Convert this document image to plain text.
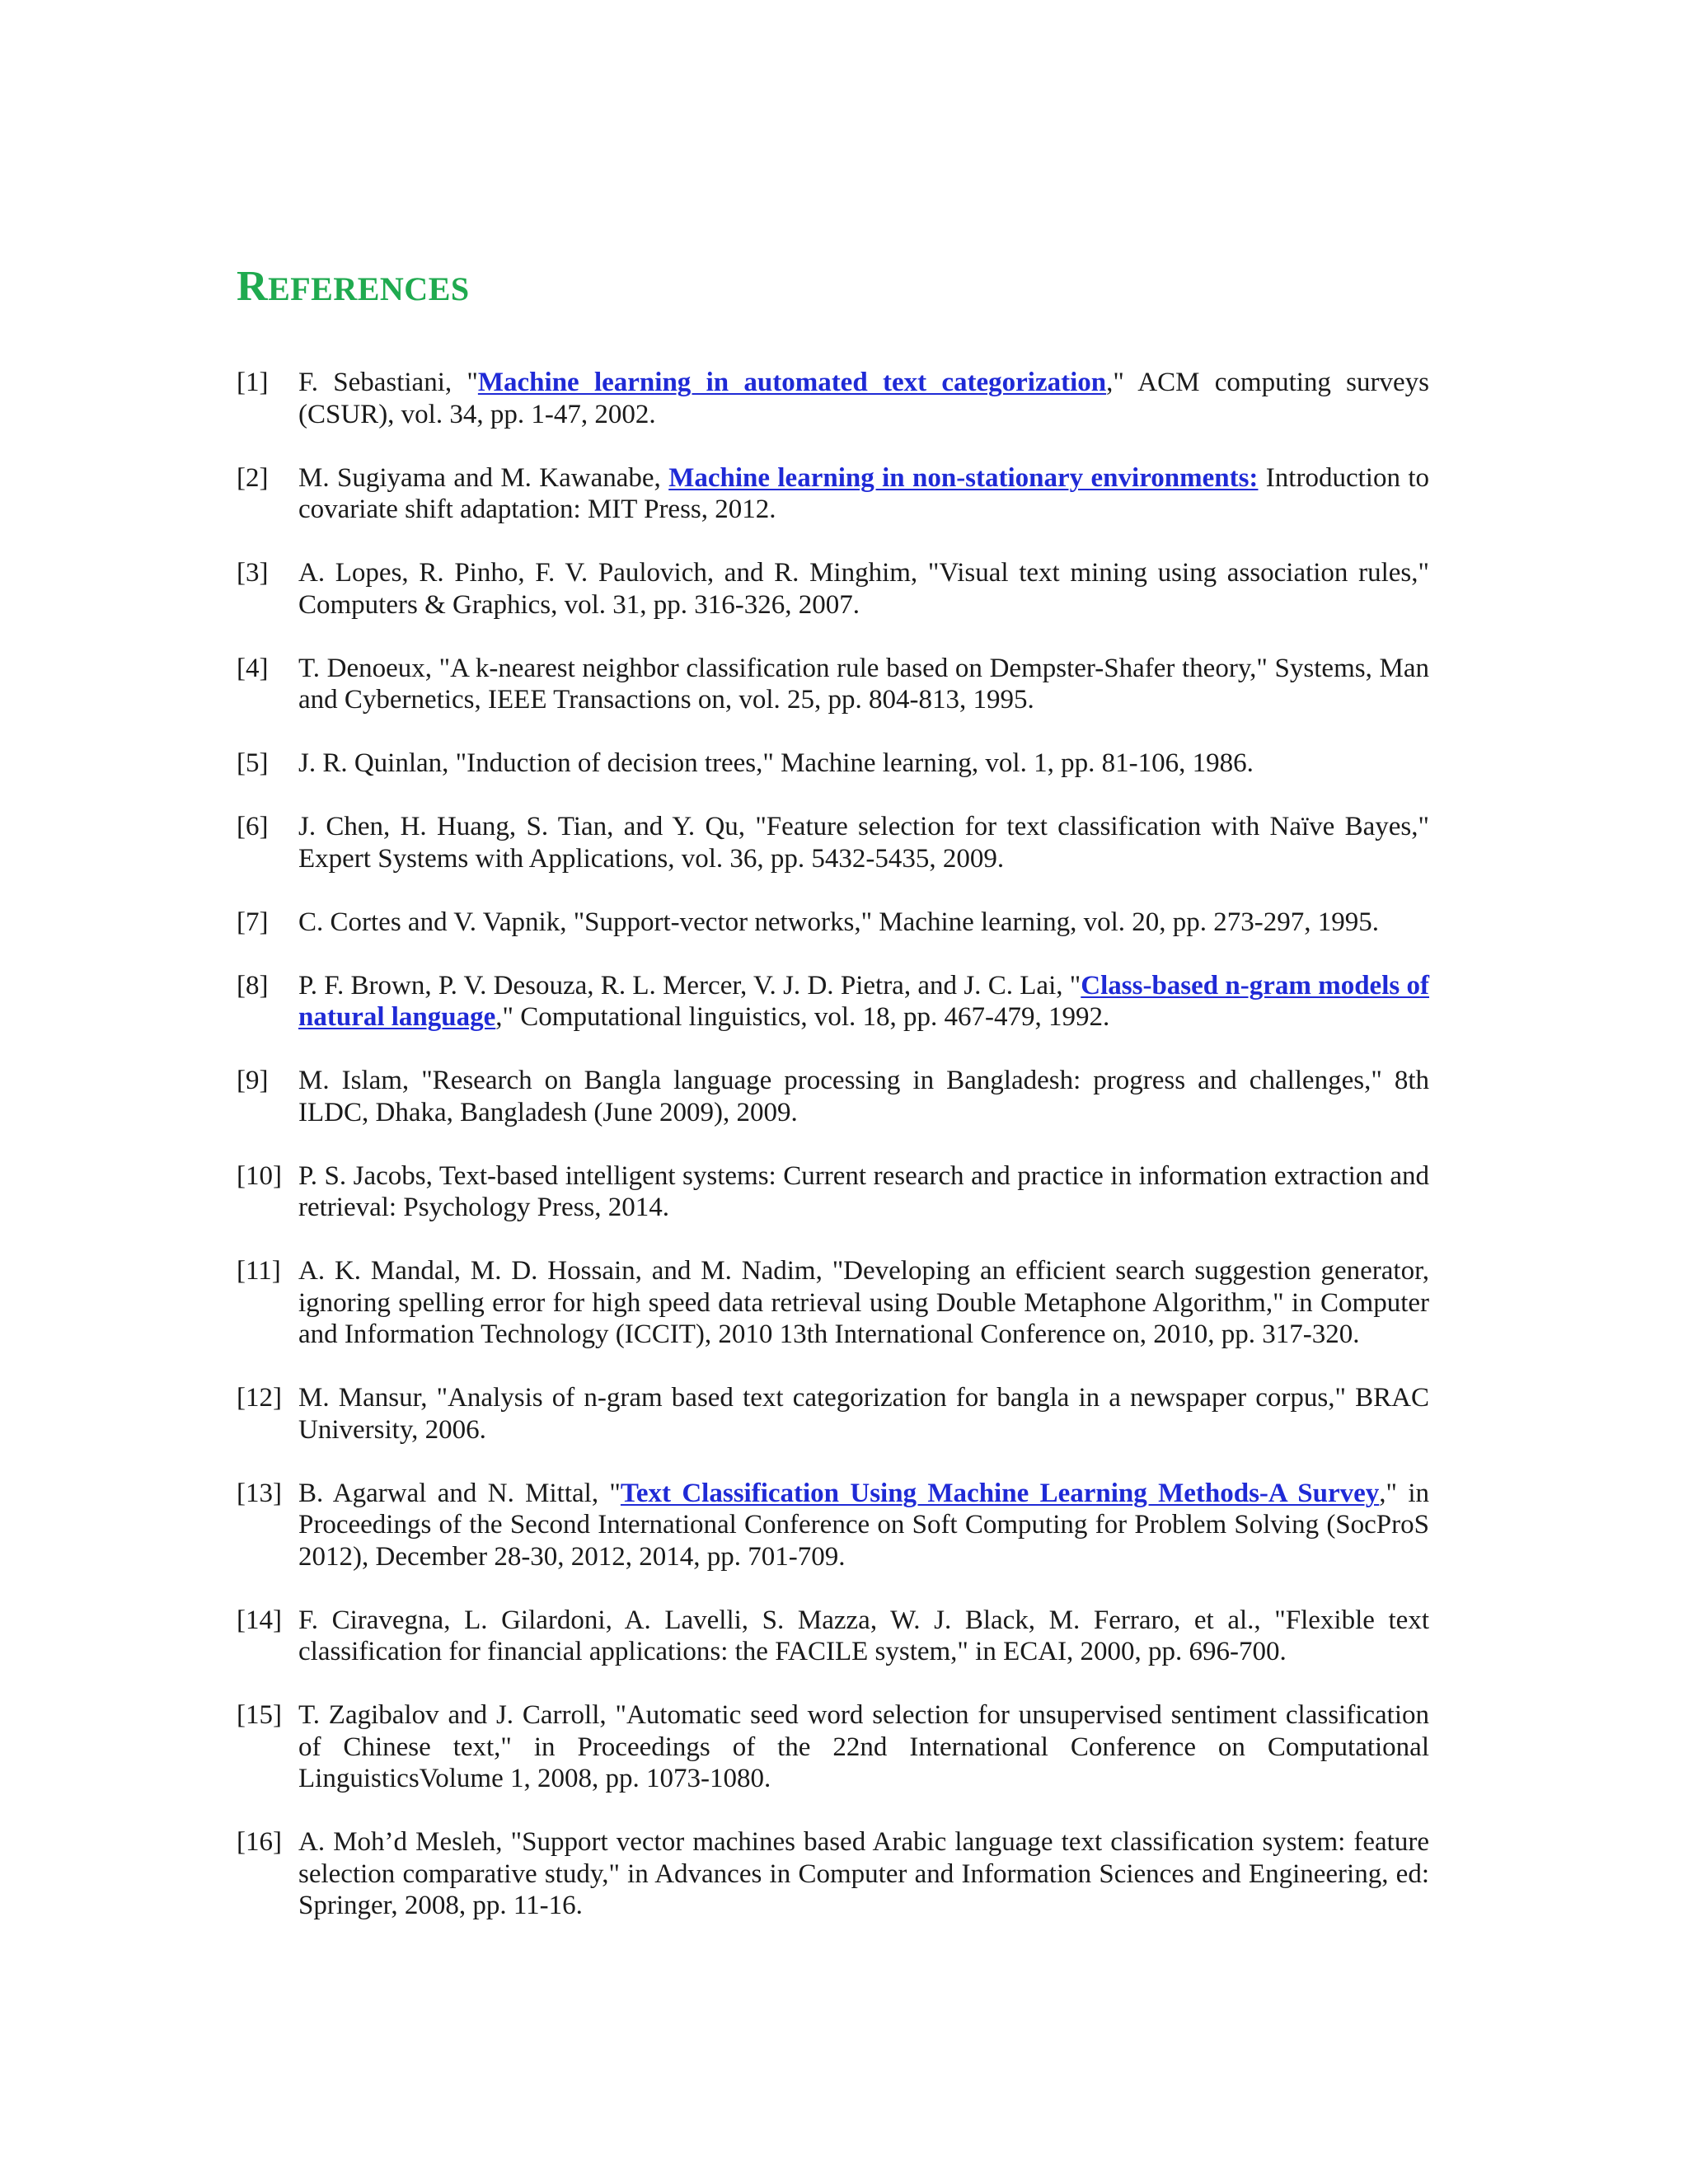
REFERENCES
[1] F. Sebastiani, "Machine learning in automated text categorization," ACM computing surveys (CSUR), vol. 34, pp. 1-47, 2002.
[2] M. Sugiyama and M. Kawanabe, Machine learning in non-stationary environments: Introduction to covariate shift adaptation: MIT Press, 2012.
[3] A. Lopes, R. Pinho, F. V. Paulovich, and R. Minghim, "Visual text mining using association rules," Computers & Graphics, vol. 31, pp. 316-326, 2007.
[4] T. Denoeux, "A k-nearest neighbor classification rule based on Dempster-Shafer theory," Systems, Man and Cybernetics, IEEE Transactions on, vol. 25, pp. 804-813, 1995.
[5] J. R. Quinlan, "Induction of decision trees," Machine learning, vol. 1, pp. 81-106, 1986.
[6] J. Chen, H. Huang, S. Tian, and Y. Qu, "Feature selection for text classification with Naïve Bayes," Expert Systems with Applications, vol. 36, pp. 5432-5435, 2009.
[7] C. Cortes and V. Vapnik, "Support-vector networks," Machine learning, vol. 20, pp. 273-297, 1995.
[8] P. F. Brown, P. V. Desouza, R. L. Mercer, V. J. D. Pietra, and J. C. Lai, "Class-based n-gram models of natural language," Computational linguistics, vol. 18, pp. 467-479, 1992.
[9] M. Islam, "Research on Bangla language processing in Bangladesh: progress and challenges," 8th ILDC, Dhaka, Bangladesh (June 2009), 2009.
[10] P. S. Jacobs, Text-based intelligent systems: Current research and practice in information extraction and retrieval: Psychology Press, 2014.
[11] A. K. Mandal, M. D. Hossain, and M. Nadim, "Developing an efficient search suggestion generator, ignoring spelling error for high speed data retrieval using Double Metaphone Algorithm," in Computer and Information Technology (ICCIT), 2010 13th International Conference on, 2010, pp. 317-320.
[12] M. Mansur, "Analysis of n-gram based text categorization for bangla in a newspaper corpus," BRAC University, 2006.
[13] B. Agarwal and N. Mittal, "Text Classification Using Machine Learning Methods-A Survey," in Proceedings of the Second International Conference on Soft Computing for Problem Solving (SocProS 2012), December 28-30, 2012, 2014, pp. 701-709.
[14] F. Ciravegna, L. Gilardoni, A. Lavelli, S. Mazza, W. J. Black, M. Ferraro, et al., "Flexible text classification for financial applications: the FACILE system," in ECAI, 2000, pp. 696-700.
[15] T. Zagibalov and J. Carroll, "Automatic seed word selection for unsupervised sentiment classification of Chinese text," in Proceedings of the 22nd International Conference on Computational LinguisticsVolume 1, 2008, pp. 1073-1080.
[16] A. Moh’d Mesleh, "Support vector machines based Arabic language text classification system: feature selection comparative study," in Advances in Computer and Information Sciences and Engineering, ed: Springer, 2008, pp. 11-16.
